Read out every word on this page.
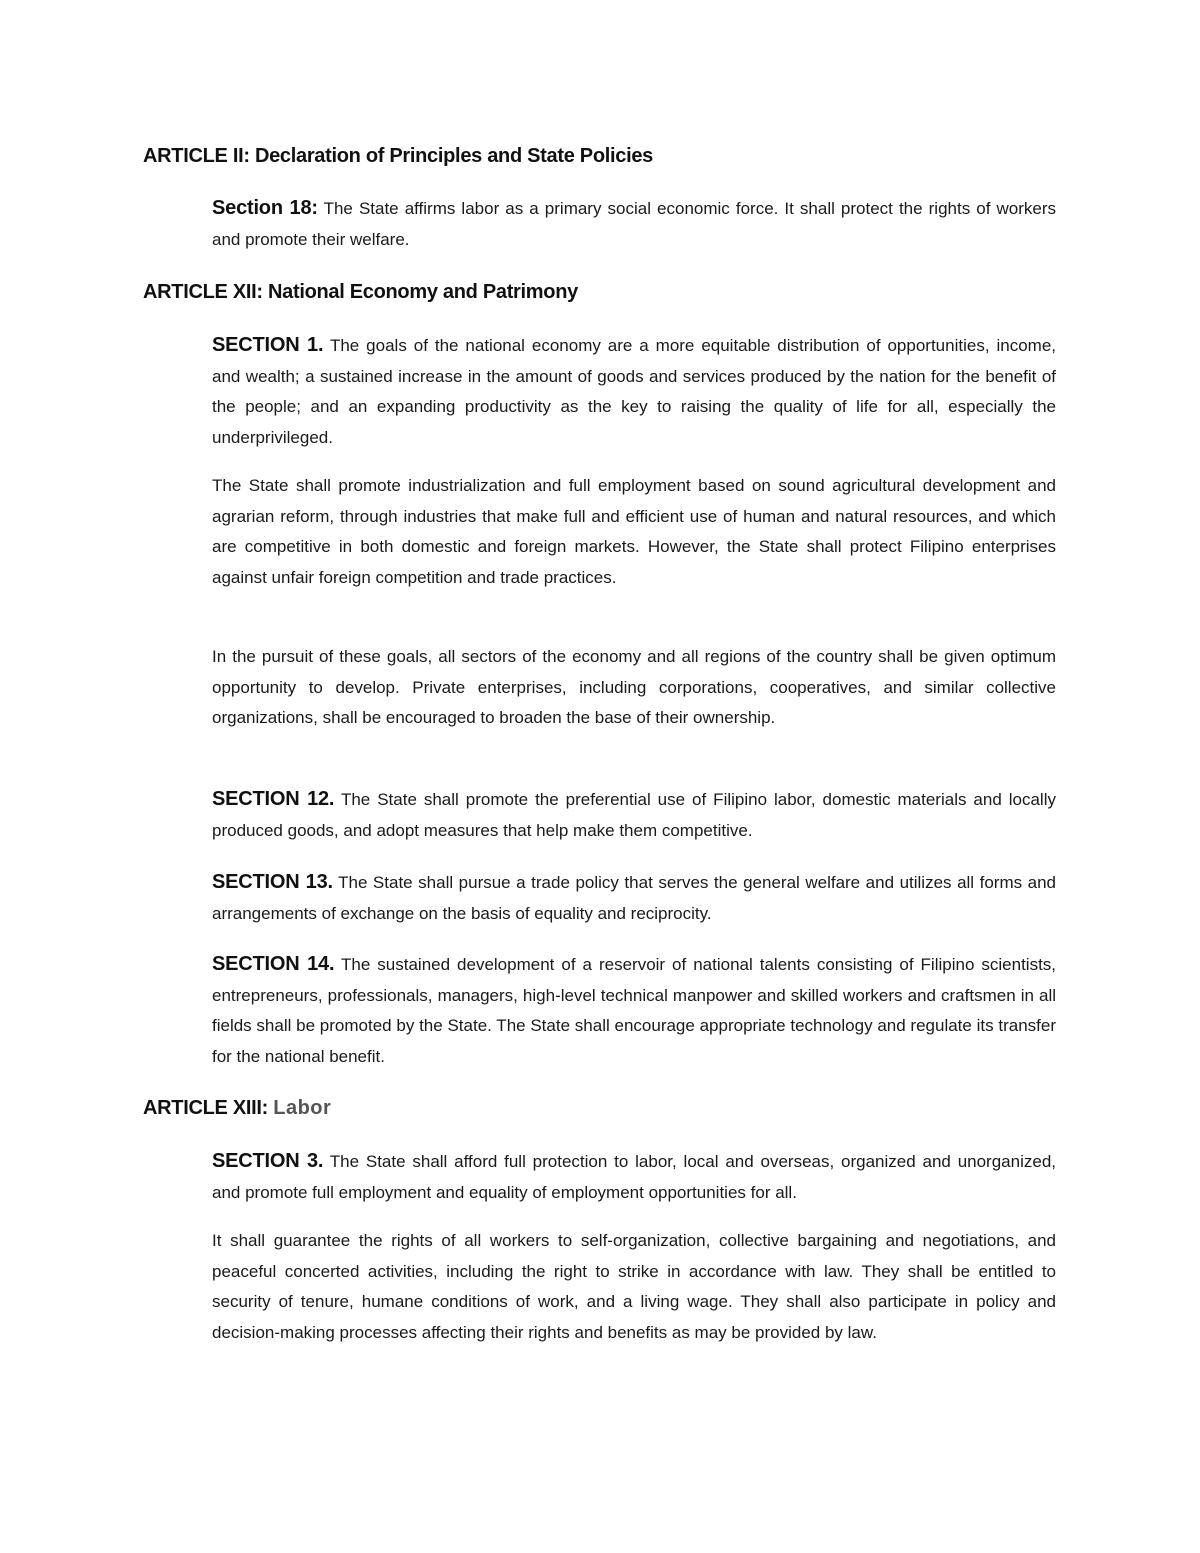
ARTICLE II: Declaration of Principles and State Policies

Section 18: The State affirms labor as a primary social economic force. It shall protect the rights of workers and promote their welfare.

ARTICLE XII: National Economy and Patrimony

SECTION 1. The goals of the national economy are a more equitable distribution of opportunities, income, and wealth; a sustained increase in the amount of goods and services produced by the nation for the benefit of the people; and an expanding productivity as the key to raising the quality of life for all, especially the underprivileged.

The State shall promote industrialization and full employment based on sound agricultural development and agrarian reform, through industries that make full and efficient use of human and natural resources, and which are competitive in both domestic and foreign markets. However, the State shall protect Filipino enterprises against unfair foreign competition and trade practices.

In the pursuit of these goals, all sectors of the economy and all regions of the country shall be given optimum opportunity to develop. Private enterprises, including corporations, cooperatives, and similar collective organizations, shall be encouraged to broaden the base of their ownership.

SECTION 12. The State shall promote the preferential use of Filipino labor, domestic materials and locally produced goods, and adopt measures that help make them competitive.

SECTION 13. The State shall pursue a trade policy that serves the general welfare and utilizes all forms and arrangements of exchange on the basis of equality and reciprocity.

SECTION 14. The sustained development of a reservoir of national talents consisting of Filipino scientists, entrepreneurs, professionals, managers, high-level technical manpower and skilled workers and craftsmen in all fields shall be promoted by the State. The State shall encourage appropriate technology and regulate its transfer for the national benefit.

ARTICLE XIII: Labor

SECTION 3. The State shall afford full protection to labor, local and overseas, organized and unorganized, and promote full employment and equality of employment opportunities for all.

It shall guarantee the rights of all workers to self-organization, collective bargaining and negotiations, and peaceful concerted activities, including the right to strike in accordance with law. They shall be entitled to security of tenure, humane conditions of work, and a living wage. They shall also participate in policy and decision-making processes affecting their rights and benefits as may be provided by law.
